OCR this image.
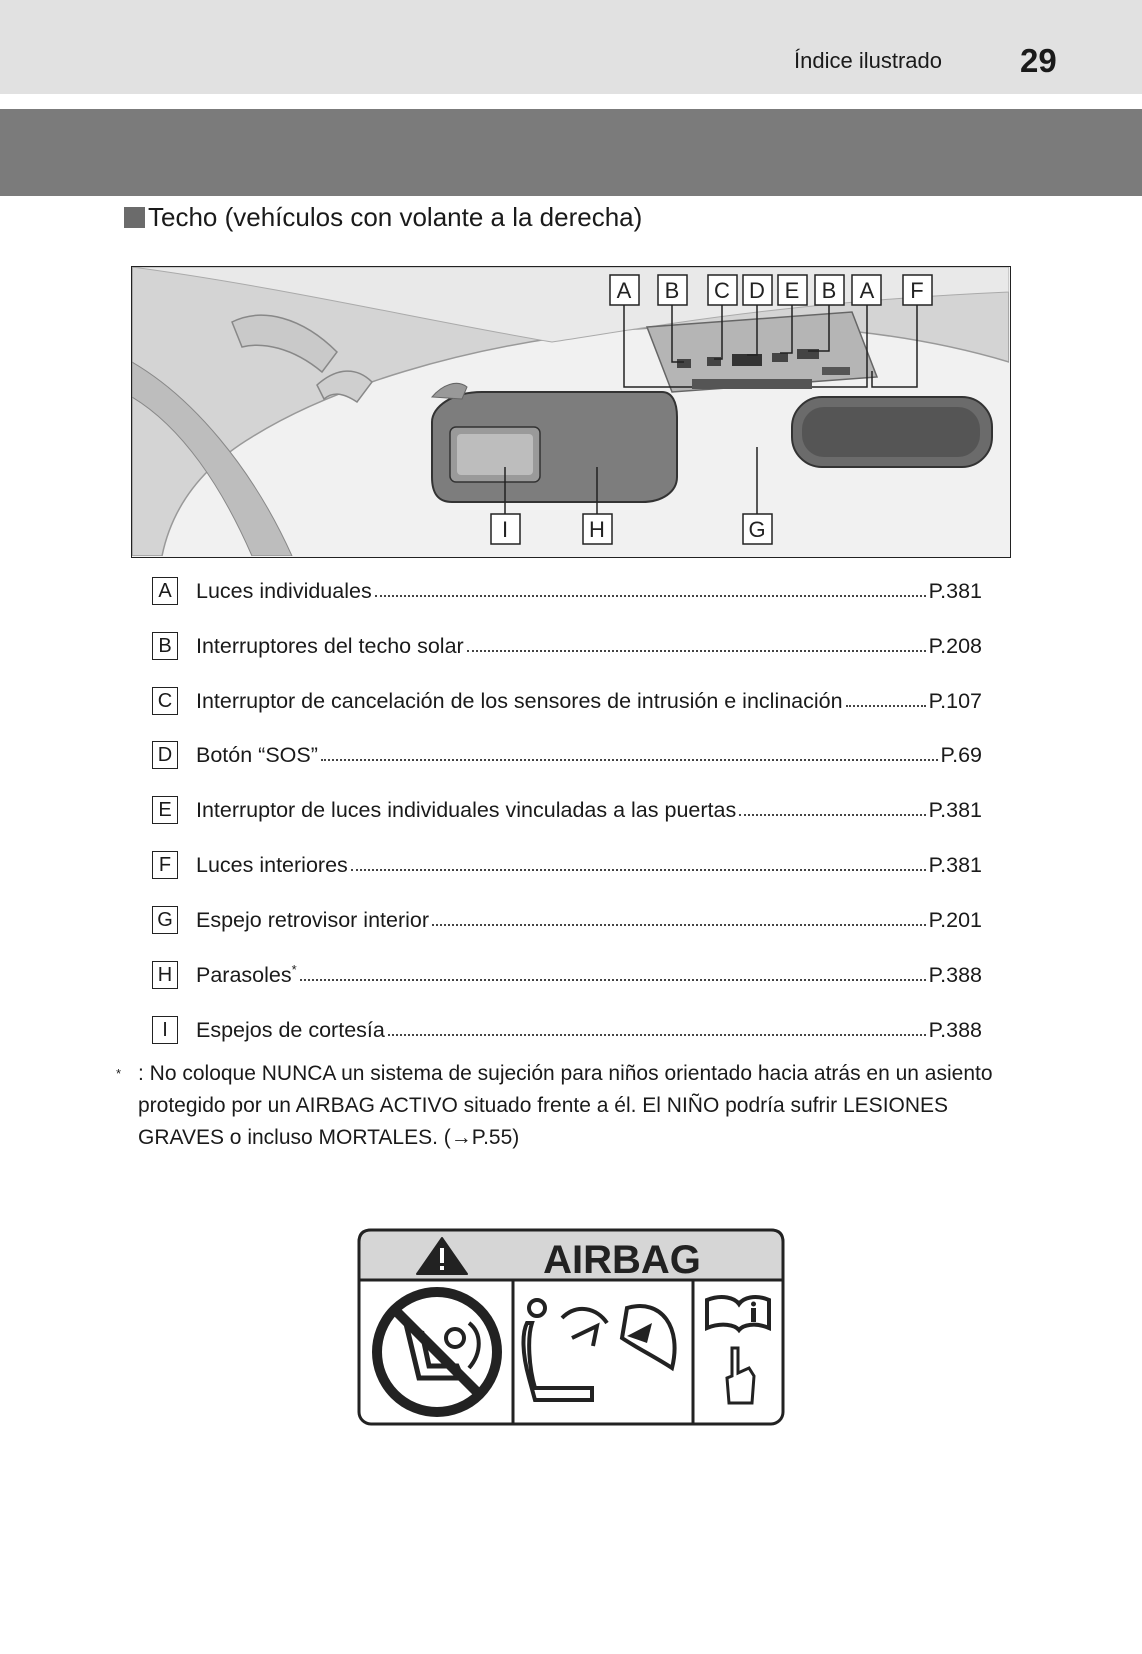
Índice ilustrado 29
Techo (vehículos con volante a la derecha)
A B C D E B A F
I	H	G
A Luces individuales	P.381
B Interruptores del techo solar	P.208
C Interruptor de cancelación de los sensores de intrusión e inclinación	P.107
D Botón “SOS”	P.69
E Interruptor de luces individuales vinculadas a las puertas	P.381
F	Luces interiores	P.381
G Espejo retrovisor interior	P.201
H Parasoles*	P.388
I	Espejos de cortesía	P.388
* : No coloque NUNCA un sistema de sujeción para niños orientado hacia atrás en un asiento protegido por un AIRBAG ACTIVO situado frente a él. El NIÑO podría sufrir LESIONES GRAVES o incluso MORTALES. (→P.55)
AIRBAG
